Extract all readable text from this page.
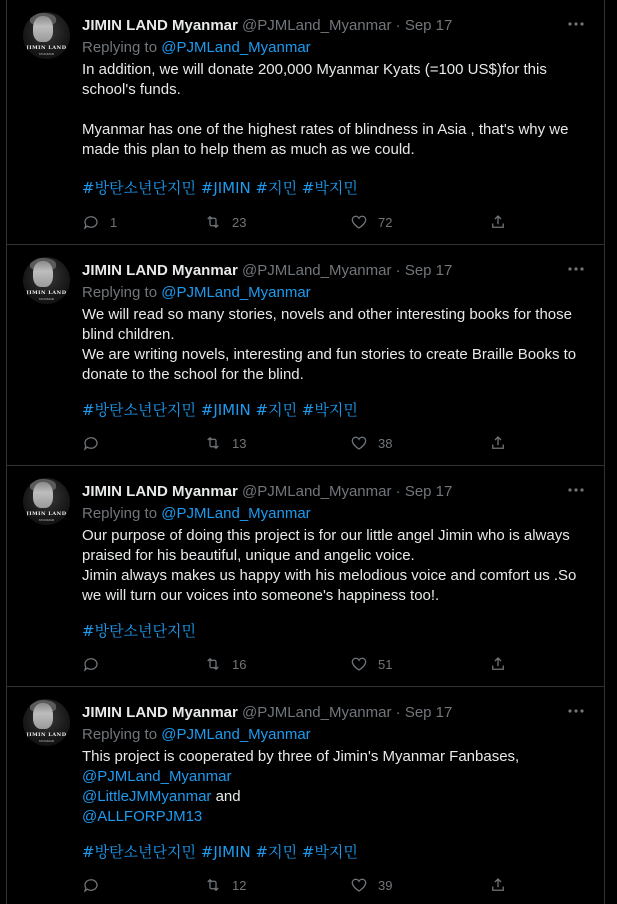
JIMIN LAND
MYANMAR
JIMIN LAND Myanmar @PJMLand_Myanmar · Sep 17
Replying to @PJMLand_Myanmar

In addition, we will donate 200,000 Myanmar Kyats (=100 US$)for this school's funds.

Myanmar has one of the highest rates of blindness in Asia , that's why we made this plan to help them as much as we could.

#방탄소년단지민 #JIMIN #지민 #박지민
1	23	72
JIMIN LAND
MYANMAR
JIMIN LAND Myanmar @PJMLand_Myanmar · Sep 17
Replying to @PJMLand_Myanmar

We will read so many stories, novels and other interesting books for those blind children.

We are writing novels, interesting and fun stories to create Braille Books to donate to the school for the blind.

#방탄소년단지민 #JIMIN #지민 #박지민
13	38
JIMIN LAND
MYANMAR
JIMIN LAND Myanmar @PJMLand_Myanmar · Sep 17
Replying to @PJMLand_Myanmar

Our purpose of doing this project is for our little angel Jimin who is always praised for his beautiful, unique and angelic voice.

Jimin always makes us happy with his melodious voice and comfort us .So we will turn our voices into someone's happiness too!.

#방탄소년단지민
16	51
JIMIN LAND
MYANMAR
JIMIN LAND Myanmar @PJMLand_Myanmar · Sep 17
Replying to @PJMLand_Myanmar

This project is cooperated by three of Jimin's Myanmar Fanbases,

@PJMLand_Myanmar

@LittleJMMyanmar and

@ALLFORPJM13

#방탄소년단지민 #JIMIN #지민 #박지민
12	39
